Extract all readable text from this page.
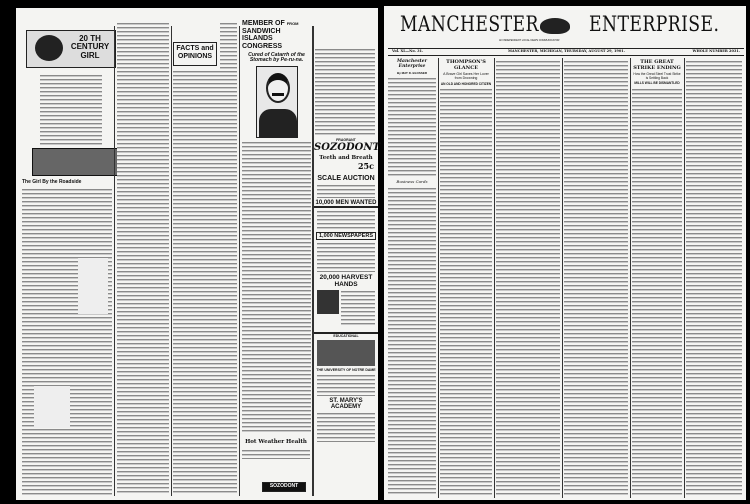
20 TH CENTURY GIRL
The Girl By the Roadside
FACTS and OPINIONS
MEMBER OF FROM SANDWICH ISLANDS
CONGRESS
Cured of Catarrh of the Stomach by Pe-ru-na.
Hot Weather Health
SOZODONT
FRAGRANT
SOZODONT
Teeth and Breath
25c
SCALE AUCTION
10,000 MEN WANTED
1,000 NEWSPAPERS
20,000 HARVEST HANDS
EDUCATIONAL
THE UNIVERSITY OF NOTRE DAME
ST. MARY'S ACADEMY
MANCHESTER ENTERPRISE.
AN INDEPENDENT LOCAL NEWS COMMUNICATOR
Vol. XL—No. 31.	MANCHESTER, MICHIGAN, THURSDAY, AUGUST 29, 1901.	WHOLE NUMBER 2031.
Manchester Enterprise
By MAT D. BLOSSER
Business Cards
THOMPSON'S GLANCE
A Brave Girl Saves Her Lover from Drowning
AN OLD AND HONORED CITIZEN
THE GREAT STRIKE ENDING
How the Great Steel Trust Strike is Settling Back
MILLS WILL BE DISMANTLED
